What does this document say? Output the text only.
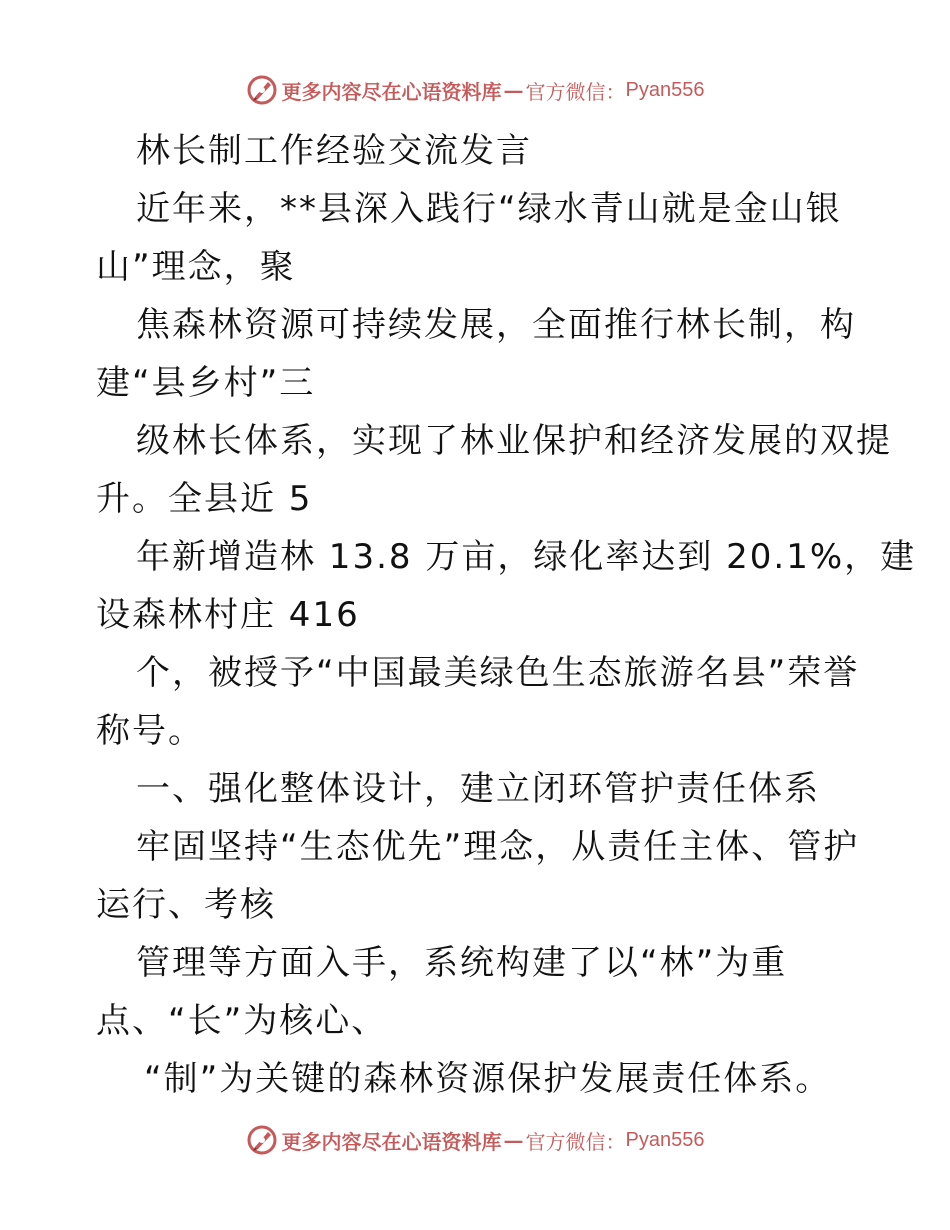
更多内容尽在心语资料库 — 官方微信： Pyan556
林长制工作经验交流发言
近年来，**县深入践行“绿水青山就是金山银
山”理念，聚
焦森林资源可持续发展，全面推行林长制，构
建“县乡村”三
级林长体系，实现了林业保护和经济发展的双提
升。全县近 5
年新增造林 13.8 万亩，绿化率达到 20.1%，建
设森林村庄 416
个，被授予“中国最美绿色生态旅游名县”荣誉
称号。
一、强化整体设计，建立闭环管护责任体系
牢固坚持“生态优先”理念，从责任主体、管护
运行、考核
管理等方面入手，系统构建了以“林”为重
点、“长”为核心、
“制”为关键的森林资源保护发展责任体系。
更多内容尽在心语资料库 — 官方微信： Pyan556
